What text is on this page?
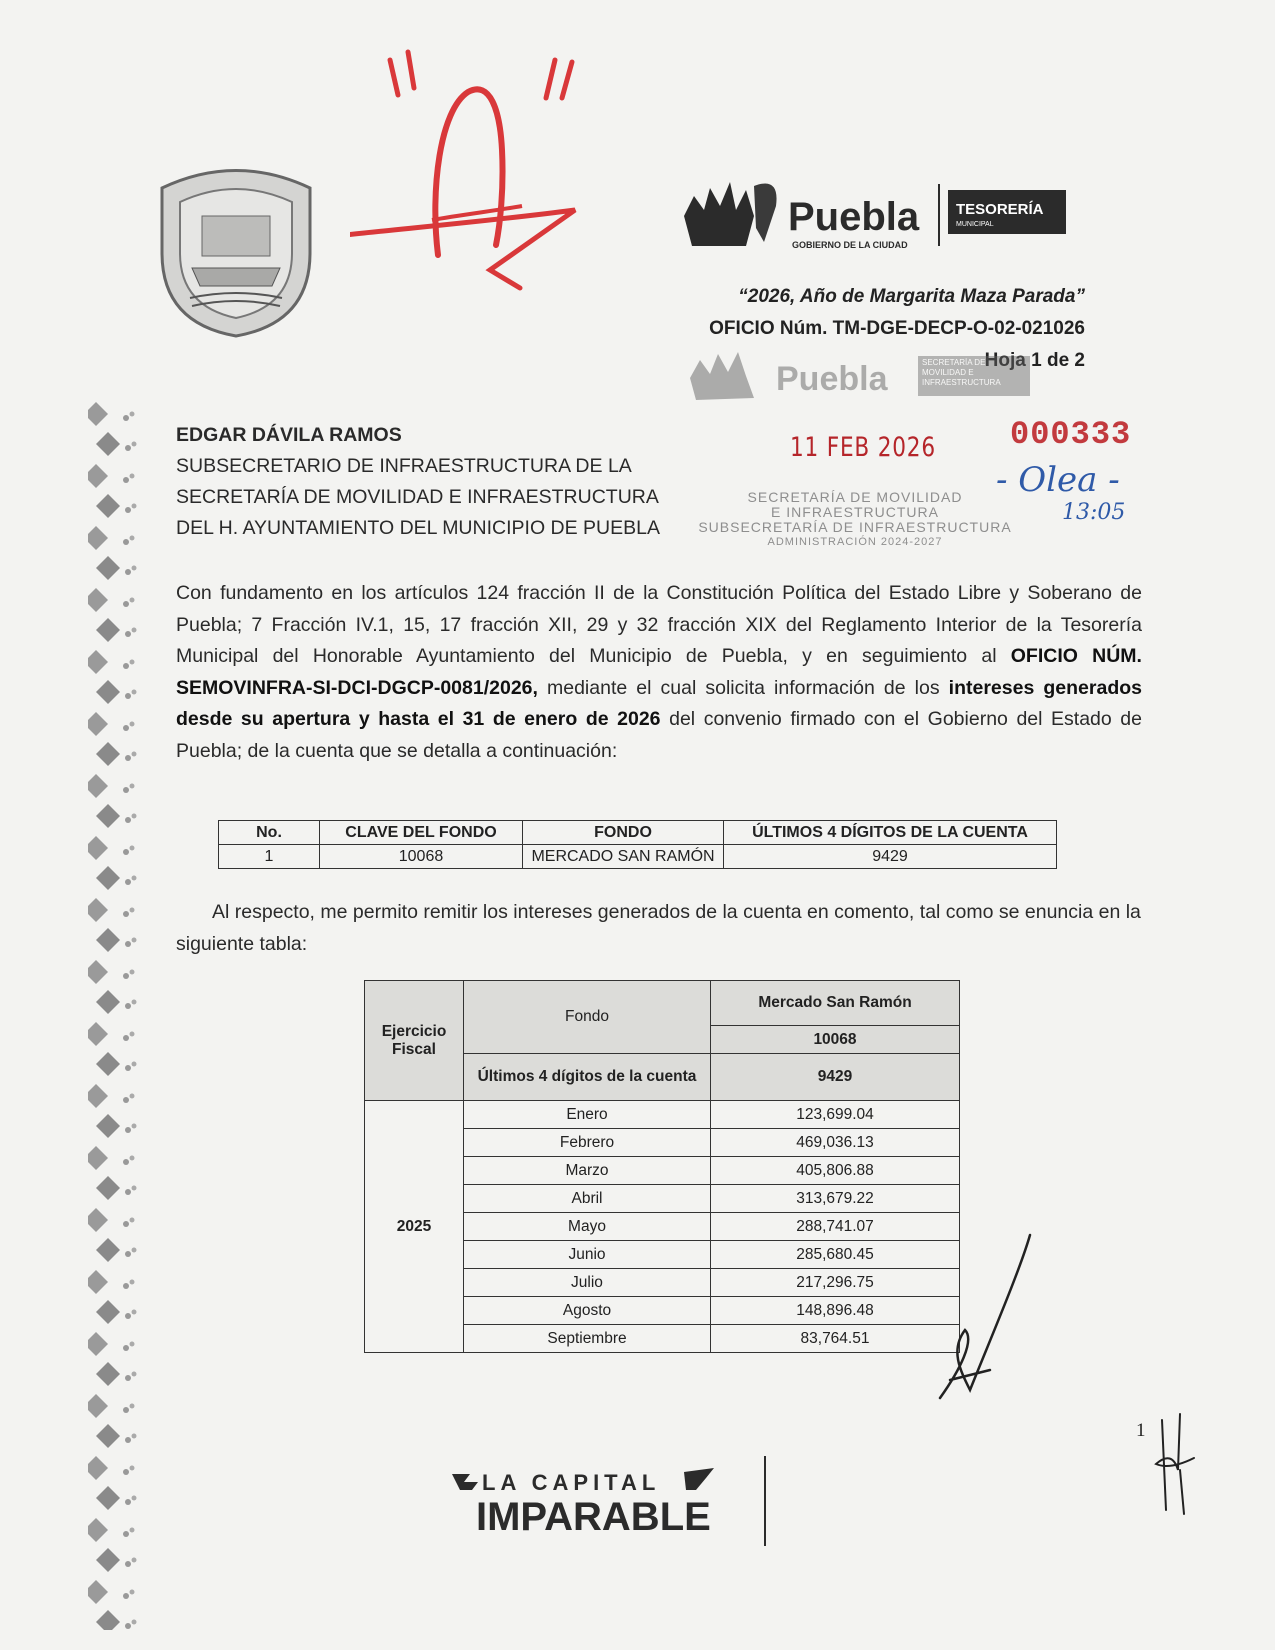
Puebla
GOBIERNO DE LA CIUDAD
TESORERÍA
MUNICIPAL
“2026, Año de Margarita Maza Parada”
OFICIO Núm. TM-DGE-DECP-O-02-021026
Hoja 1 de 2
Puebla	SECRETARÍA DE MOVILIDAD E INFRAESTRUCTURA
11 FEB 2026 000333
- Olea -
13:05
SECRETARÍA DE MOVILIDAD
E INFRAESTRUCTURA
SUBSECRETARÍA DE INFRAESTRUCTURA
ADMINISTRACIÓN 2024-2027
EDGAR DÁVILA RAMOS
SUBSECRETARIO DE INFRAESTRUCTURA DE LA
SECRETARÍA DE MOVILIDAD E INFRAESTRUCTURA
DEL H. AYUNTAMIENTO DEL MUNICIPIO DE PUEBLA
Con fundamento en los artículos 124 fracción II de la Constitución Política del Estado Libre y Soberano de Puebla; 7 Fracción IV.1, 15, 17 fracción XII, 29 y 32 fracción XIX del Reglamento Interior de la Tesorería Municipal del Honorable Ayuntamiento del Municipio de Puebla, y en seguimiento al OFICIO NÚM. SEMOVINFRA-SI-DCI-DGCP-0081/2026, mediante el cual solicita información de los intereses generados desde su apertura y hasta el 31 de enero de 2026 del convenio firmado con el Gobierno del Estado de Puebla; de la cuenta que se detalla a continuación:
No.	CLAVE DEL FONDO	FONDO	ÚLTIMOS 4 DÍGITOS DE LA CUENTA
1	10068	MERCADO SAN RAMÓN	9429
Al respecto, me permito remitir los intereses generados de la cuenta en comento, tal como se enuncia en la siguiente tabla:
Ejercicio Fiscal	Fondo	Mercado San Ramón
		10068
	Últimos 4 dígitos de la cuenta	9429
2025	Enero	123,699.04
	Febrero	469,036.13
	Marzo	405,806.88
	Abril	313,679.22
	Mayo	288,741.07
	Junio	285,680.45
	Julio	217,296.75
	Agosto	148,896.48
	Septiembre	83,764.51
1
LA CAPITAL
IMPARABLE
